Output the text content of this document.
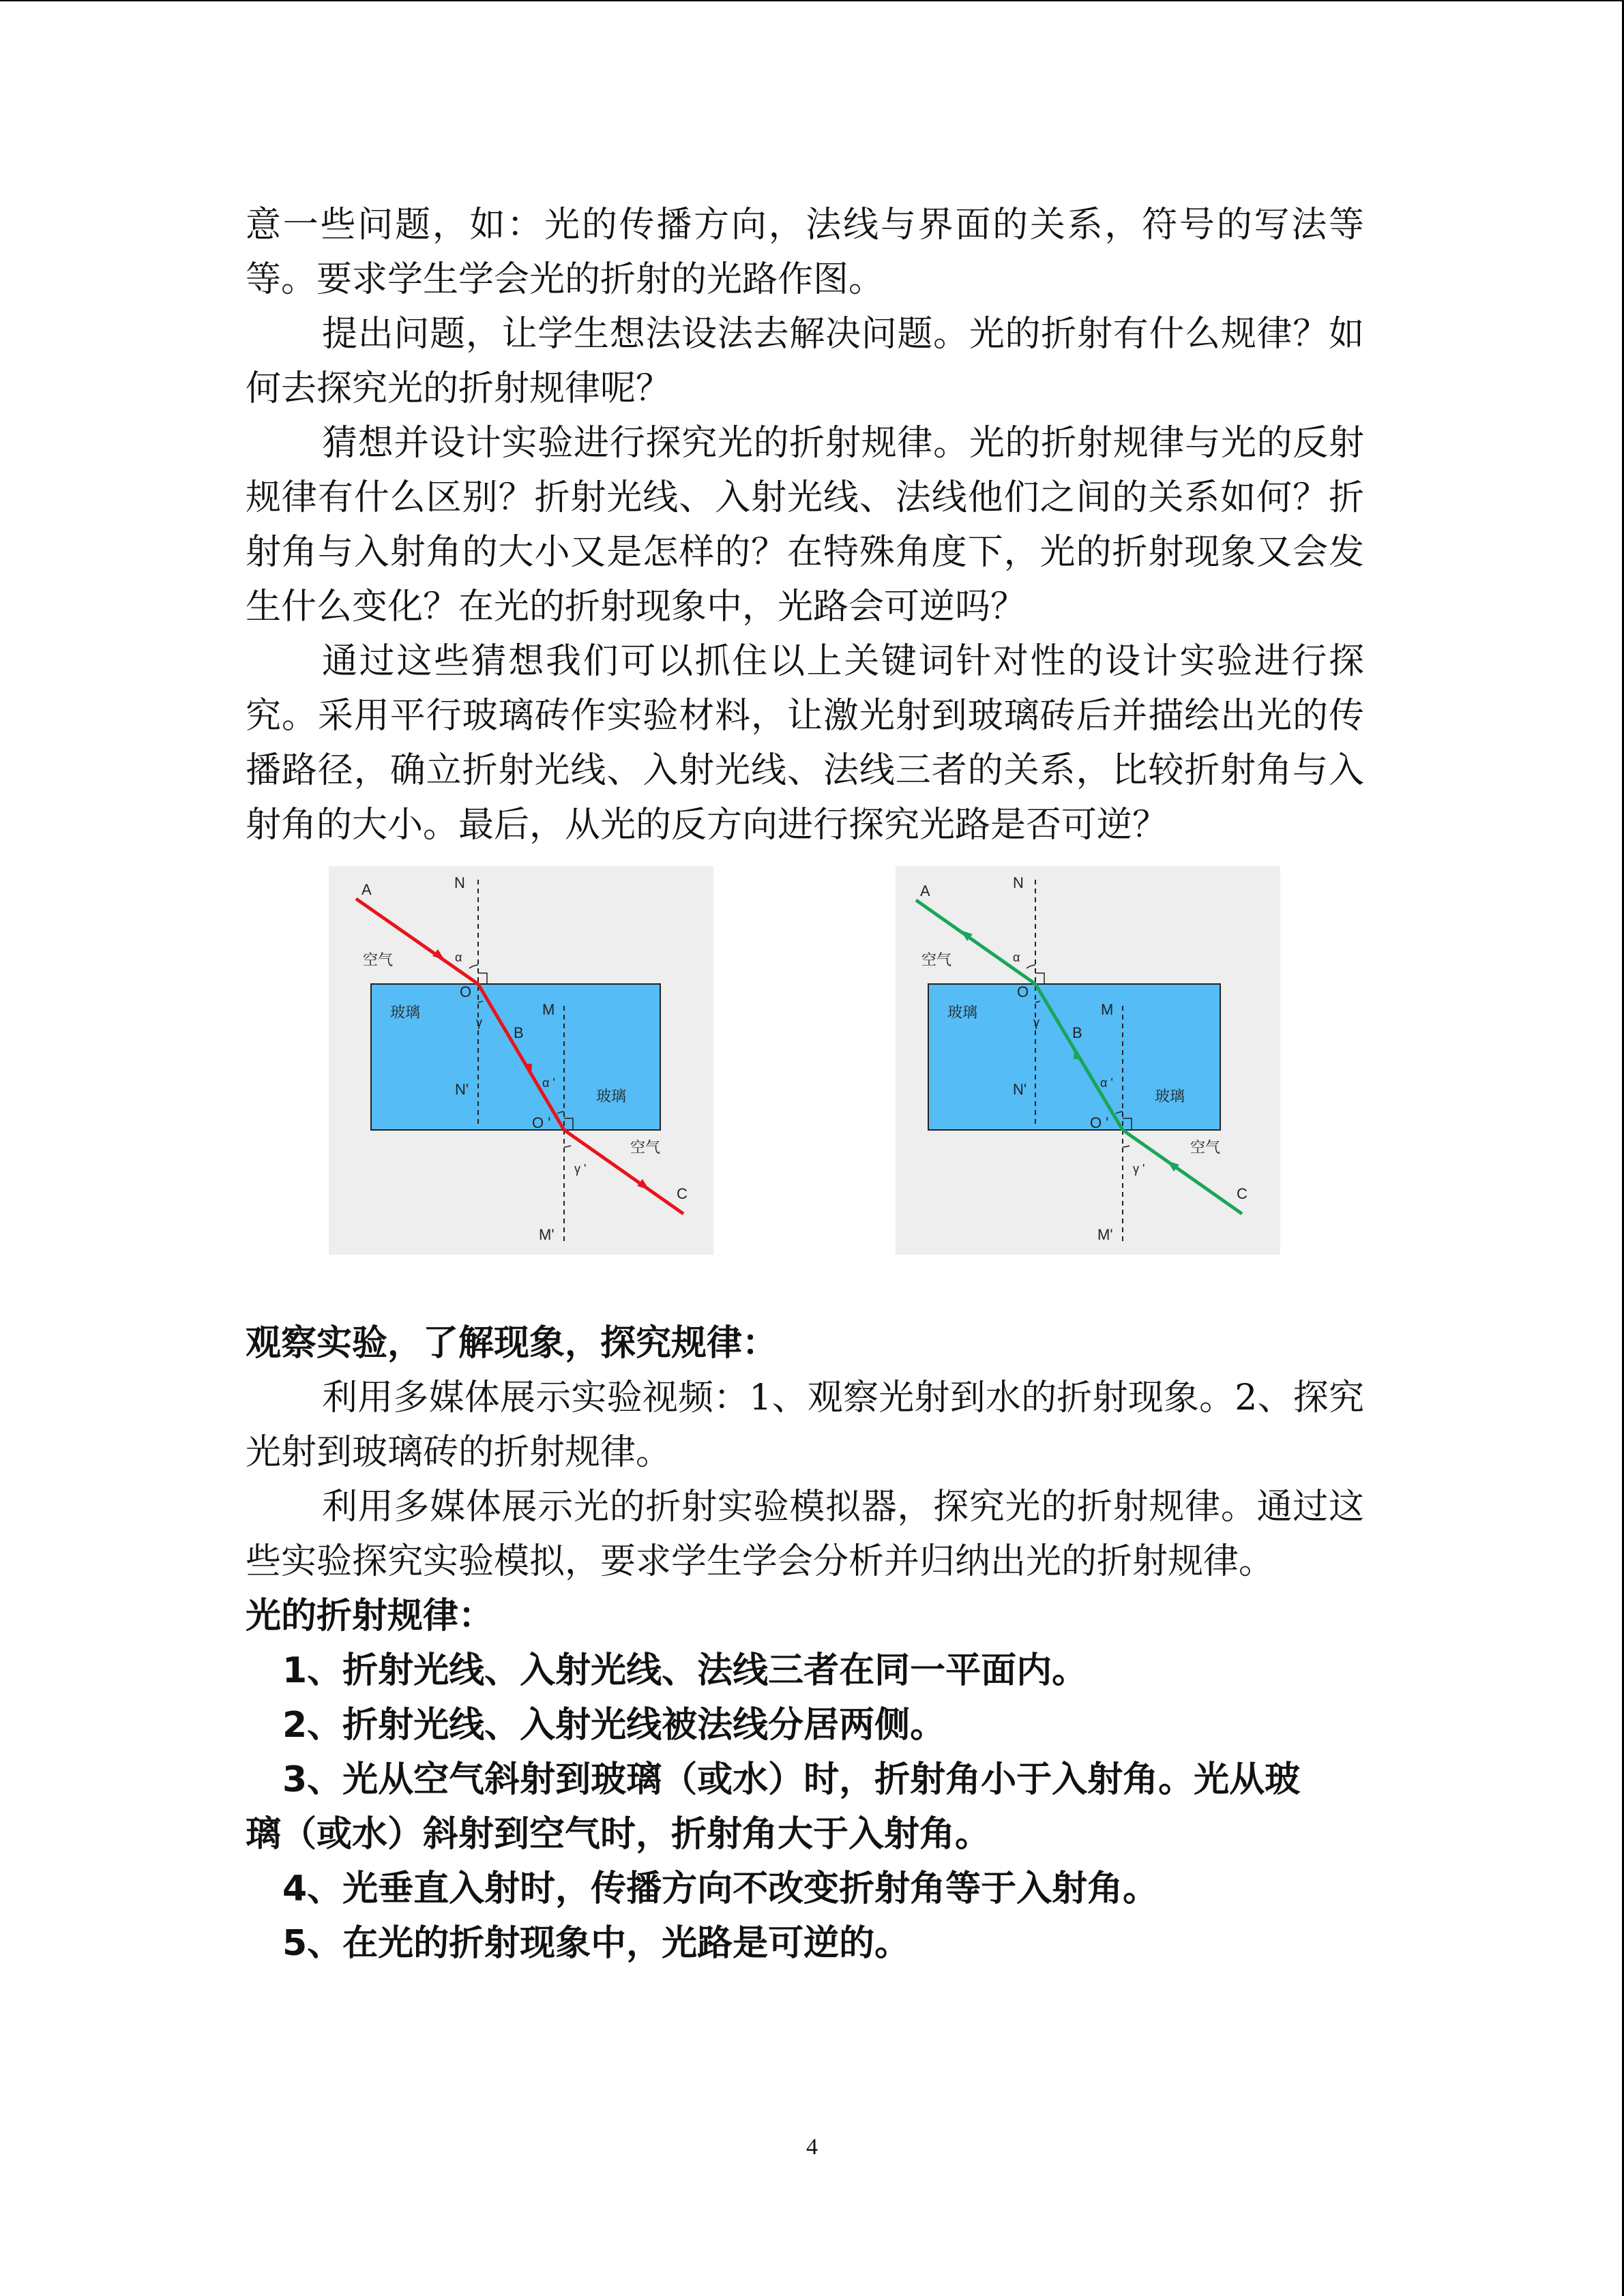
意一些问题，如：光的传播方向，法线与界面的关系，符号的写法等等。要求学生学会光的折射的光路作图。

提出问题，让学生想法设法去解决问题。光的折射有什么规律？如何去探究光的折射规律呢？

猜想并设计实验进行探究光的折射规律。光的折射规律与光的反射规律有什么区别？折射光线、入射光线、法线他们之间的关系如何？折射角与入射角的大小又是怎样的？在特殊角度下，光的折射现象又会发生什么变化？在光的折射现象中，光路会可逆吗？

通过这些猜想我们可以抓住以上关键词针对性的设计实验进行探究。采用平行玻璃砖作实验材料，让激光射到玻璃砖后并描绘出光的传播路径，确立折射光线、入射光线、法线三者的关系，比较折射角与入射角的大小。最后，从光的反方向进行探究光路是否可逆？

A	N
空气	α
O
玻璃
γ
M
B
α '
N'	玻璃
O '
空气
γ '
C
M'
A	N
空气	α
O
玻璃
γ
M
B
α '
N'	玻璃
O '
空气
γ '
C
M'

观察实验，了解现象，探究规律：

利用多媒体展示实验视频：1、观察光射到水的折射现象。2、探究光射到玻璃砖的折射规律。

利用多媒体展示光的折射实验模拟器，探究光的折射规律。通过这些实验探究实验模拟，要求学生学会分析并归纳出光的折射规律。

光的折射规律：

1、折射光线、入射光线、法线三者在同一平面内。

2、折射光线、入射光线被法线分居两侧。

3、光从空气斜射到玻璃（或水）时，折射角小于入射角。光从玻

璃（或水）斜射到空气时，折射角大于入射角。

4、光垂直入射时，传播方向不改变折射角等于入射角。

5、在光的折射现象中，光路是可逆的。

4
